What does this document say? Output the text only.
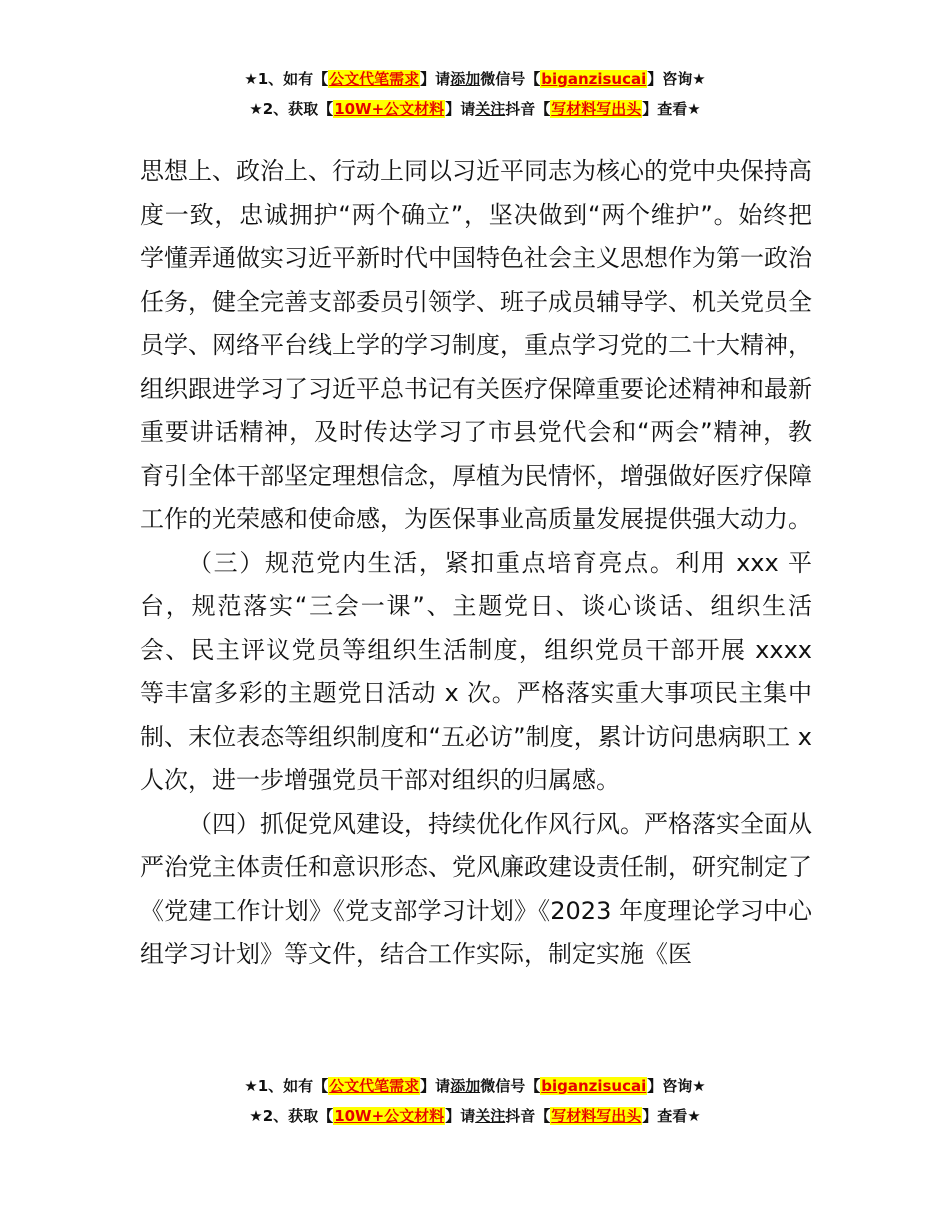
★1、如有【公文代笔需求】请添加微信号【biganzisucai】咨询★
★2、获取【10W+公文材料】请关注抖音【写材料写出头】查看★

思想上、政治上、行动上同以习近平同志为核心的党中央保持高度一致，忠诚拥护“两个确立”，坚决做到“两个维护”。始终把学懂弄通做实习近平新时代中国特色社会主义思想作为第一政治任务，健全完善支部委员引领学、班子成员辅导学、机关党员全员学、网络平台线上学的学习制度，重点学习党的二十大精神，组织跟进学习了习近平总书记有关医疗保障重要论述精神和最新重要讲话精神，及时传达学习了市县党代会和“两会”精神，教育引全体干部坚定理想信念，厚植为民情怀，增强做好医疗保障工作的光荣感和使命感，为医保事业高质量发展提供强大动力。

（三）规范党内生活，紧扣重点培育亮点。利用 xxx 平台，规范落实“三会一课”、主题党日、谈心谈话、组织生活会、民主评议党员等组织生活制度，组织党员干部开展 xxxx 等丰富多彩的主题党日活动 x 次。严格落实重大事项民主集中制、末位表态等组织制度和“五必访”制度，累计访问患病职工 x 人次，进一步增强党员干部对组织的归属感。

（四）抓促党风建设，持续优化作风行风。严格落实全面从严治党主体责任和意识形态、党风廉政建设责任制，研究制定了《党建工作计划》《党支部学习计划》《2023 年度理论学习中心组学习计划》等文件，结合工作实际，制定实施《医

★1、如有【公文代笔需求】请添加微信号【biganzisucai】咨询★
★2、获取【10W+公文材料】请关注抖音【写材料写出头】查看★
